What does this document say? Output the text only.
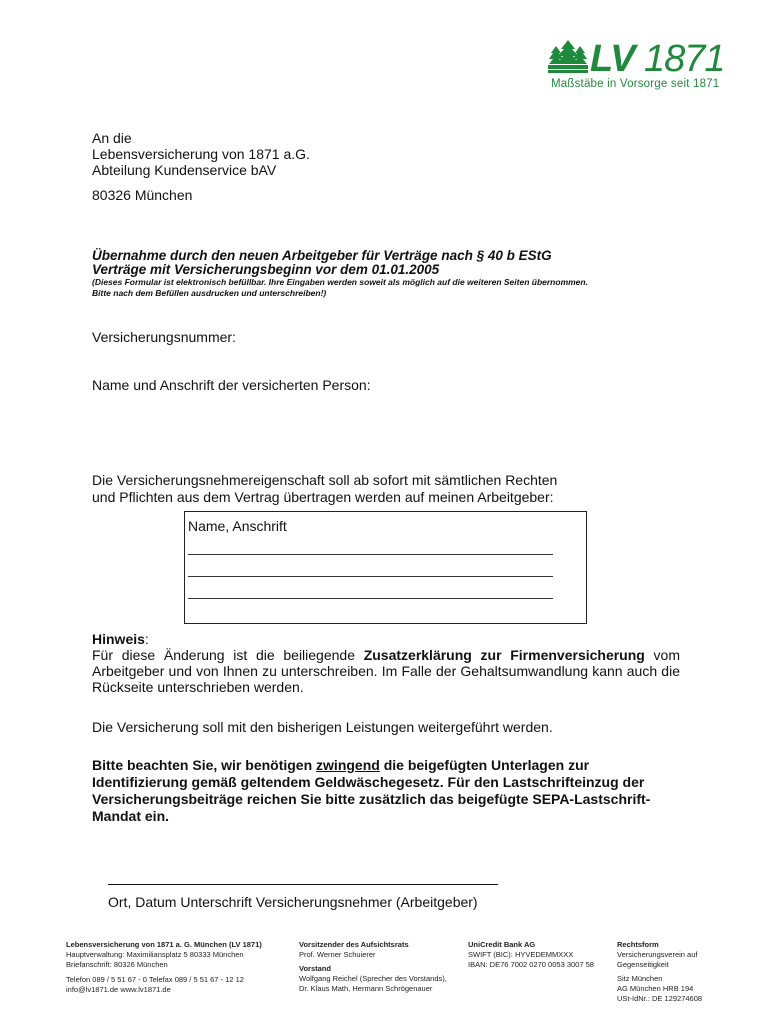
LV 1871
Maßstäbe in Vorsorge seit 1871
An die
Lebensversicherung von 1871 a.G.
Abteilung Kundenservice bAV
80326 München
Übernahme durch den neuen Arbeitgeber für Verträge nach § 40 b EStG
Verträge mit Versicherungsbeginn vor dem 01.01.2005
(Dieses Formular ist elektronisch befüllbar. Ihre Eingaben werden soweit als möglich auf die weiteren Seiten übernommen.
Bitte nach dem Befüllen ausdrucken und unterschreiben!)
Versicherungsnummer:
Name und Anschrift der versicherten Person:
Die Versicherungsnehmereigenschaft soll ab sofort mit sämtlichen Rechten
und Pflichten aus dem Vertrag übertragen werden auf meinen Arbeitgeber:
Name, Anschrift
Hinweis:
Für diese Änderung ist die beiliegende Zusatzerklärung zur Firmenversicherung vom Arbeitgeber und von Ihnen zu unterschreiben. Im Falle der Gehaltsumwandlung kann auch die Rückseite unterschrieben werden.
Die Versicherung soll mit den bisherigen Leistungen weitergeführt werden.
Bitte beachten Sie, wir benötigen zwingend die beigefügten Unterlagen zur Identifizierung gemäß geltendem Geldwäschegesetz. Für den Lastschrifteinzug der Versicherungsbeiträge reichen Sie bitte zusätzlich das beigefügte SEPA-Lastschrift-Mandat ein.
Ort, Datum Unterschrift Versicherungsnehmer (Arbeitgeber)
Lebensversicherung von 1871 a. G. München (LV 1871)
Hauptverwaltung: Maximiliansplatz 5 80333 München
Briefanschrift: 80326 München
Telefon 089 / 5 51 67 - 0 Telefax 089 / 5 51 67 - 12 12
info@lv1871.de www.lv1871.de
Vorsitzender des Aufsichtsrats
Prof. Werner Schuierer
Vorstand
Wolfgang Reichel (Sprecher des Vorstands),
Dr. Klaus Math, Hermann Schrögenauer
UniCredit Bank AG
SWIFT (BIC): HYVEDEMMXXX
IBAN: DE76 7002 0270 0053 3007 58
Rechtsform
Versicherungsverein auf
Gegenseitigkeit
Sitz München
AG München HRB 194
USt-IdNr.: DE 129274608
